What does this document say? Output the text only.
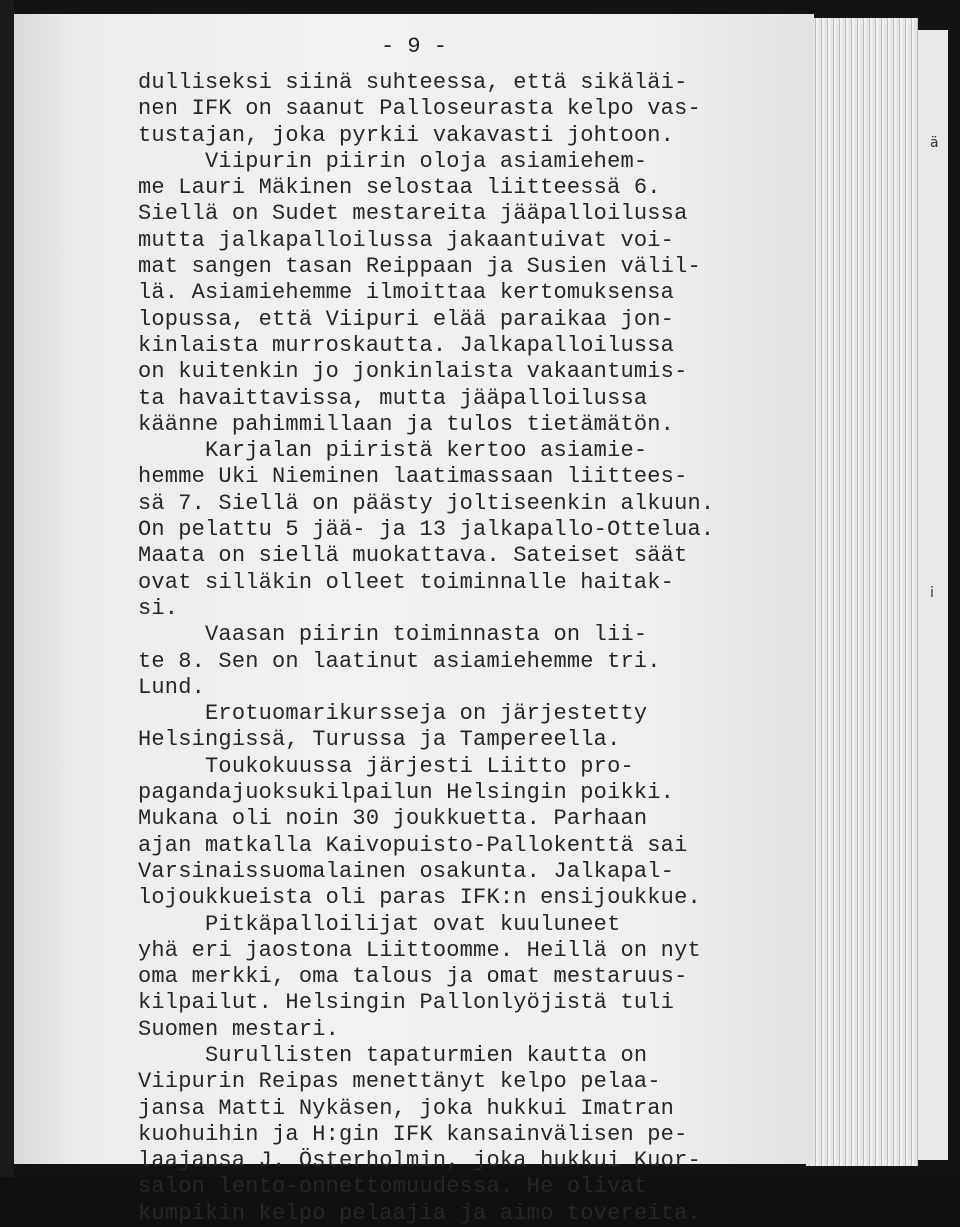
ä
i
- 9 -
dulliseksi siinä suhteessa, että sikäläi-
nen IFK on saanut Palloseurasta kelpo vas-
tustajan, joka pyrkii vakavasti johtoon.
Viipurin piirin oloja asiamiehem-
me Lauri Mäkinen selostaa liitteessä 6.
Siellä on Sudet mestareita jääpalloilussa
mutta jalkapalloilussa jakaantuivat voi-
mat sangen tasan Reippaan ja Susien välil-
lä. Asiamiehemme ilmoittaa kertomuksensa
lopussa, että Viipuri elää paraikaa jon-
kinlaista murroskautta. Jalkapalloilussa
on kuitenkin jo jonkinlaista vakaantumis-
ta havaittavissa, mutta jääpalloilussa
käänne pahimmillaan ja tulos tietämätön.
Karjalan piiristä kertoo asiamie-
hemme Uki Nieminen laatimassaan liittees-
sä 7. Siellä on päästy joltiseenkin alkuun.
On pelattu 5 jää- ja 13 jalkapallo-Ottelua.
Maata on siellä muokattava. Sateiset säät
ovat silläkin olleet toiminnalle haitak-
si.
Vaasan piirin toiminnasta on lii-
te 8. Sen on laatinut asiamiehemme tri.
Lund.
Erotuomarikursseja on järjestetty
Helsingissä, Turussa ja Tampereella.
Toukokuussa järjesti Liitto pro-
pagandajuoksukilpailun Helsingin poikki.
Mukana oli noin 30 joukkuetta. Parhaan
ajan matkalla Kaivopuisto-Pallokenttä sai
Varsinaissuomalainen osakunta. Jalkapal-
lojoukkueista oli paras IFK:n ensijoukkue.
Pitkäpalloilijat ovat kuuluneet
yhä eri jaostona Liittoomme. Heillä on nyt
oma merkki, oma talous ja omat mestaruus-
kilpailut. Helsingin Pallonlyöjistä tuli
Suomen mestari.
Surullisten tapaturmien kautta on
Viipurin Reipas menettänyt kelpo pelaa-
jansa Matti Nykäsen, joka hukkui Imatran
kuohuihin ja H:gin IFK kansainvälisen pe-
laajansa J. Österholmin, joka hukkui Kuor-
salon lento-onnettomuudessa. He olivat
kumpikin kelpo pelaajia ja aimo tovereita.
